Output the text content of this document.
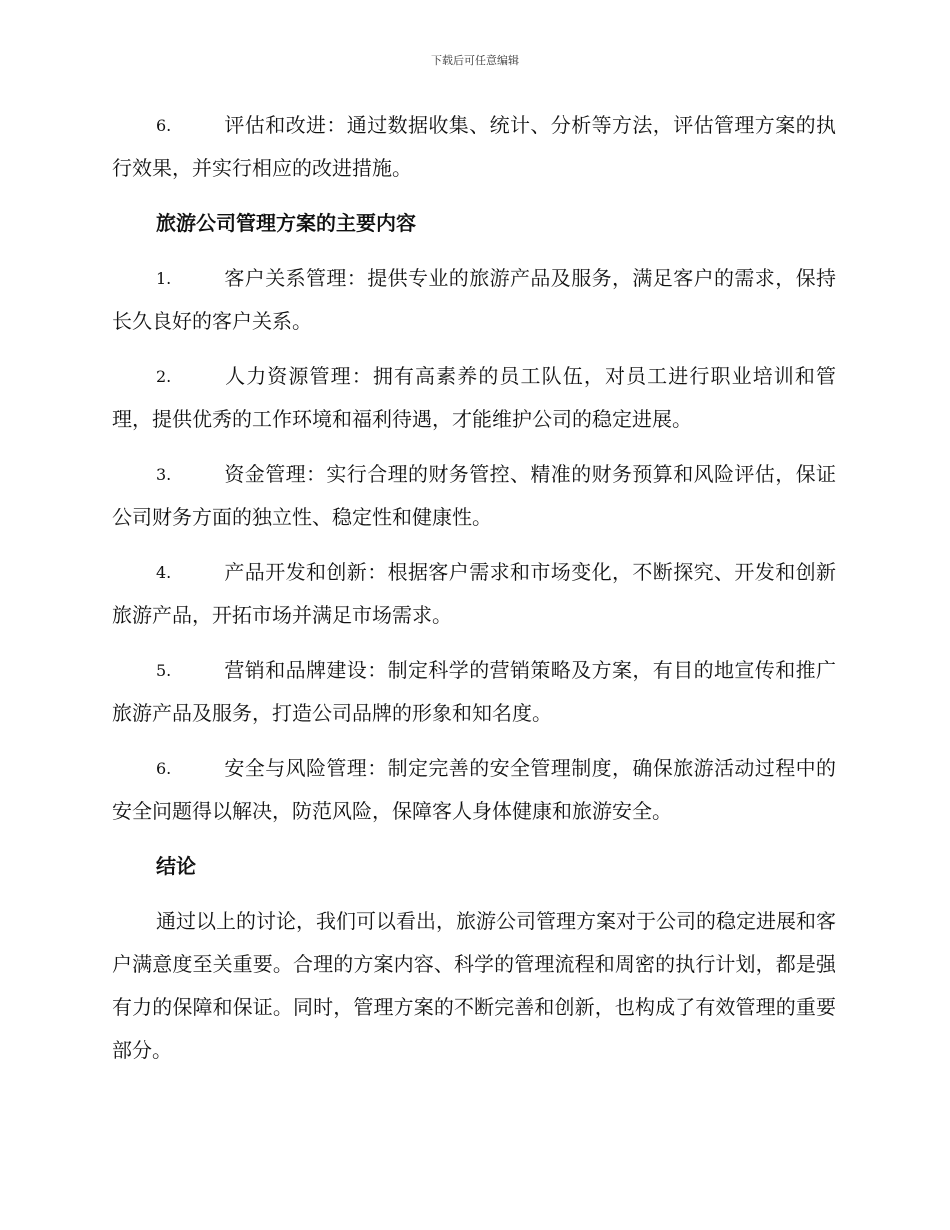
下载后可任意编辑

6.	评估和改进：通过数据收集、统计、分析等方法，评估管理方案的执行效果，并实行相应的改进措施。

旅游公司管理方案的主要内容

1.	客户关系管理：提供专业的旅游产品及服务，满足客户的需求，保持长久良好的客户关系。

2.	人力资源管理：拥有高素养的员工队伍，对员工进行职业培训和管理，提供优秀的工作环境和福利待遇，才能维护公司的稳定进展。

3.	资金管理：实行合理的财务管控、精准的财务预算和风险评估，保证公司财务方面的独立性、稳定性和健康性。

4.	产品开发和创新：根据客户需求和市场变化，不断探究、开发和创新旅游产品，开拓市场并满足市场需求。

5.	营销和品牌建设：制定科学的营销策略及方案，有目的地宣传和推广旅游产品及服务，打造公司品牌的形象和知名度。

6.	安全与风险管理：制定完善的安全管理制度，确保旅游活动过程中的安全问题得以解决，防范风险，保障客人身体健康和旅游安全。

结论

通过以上的讨论，我们可以看出，旅游公司管理方案对于公司的稳定进展和客户满意度至关重要。合理的方案内容、科学的管理流程和周密的执行计划，都是强有力的保障和保证。同时，管理方案的不断完善和创新，也构成了有效管理的重要部分。
